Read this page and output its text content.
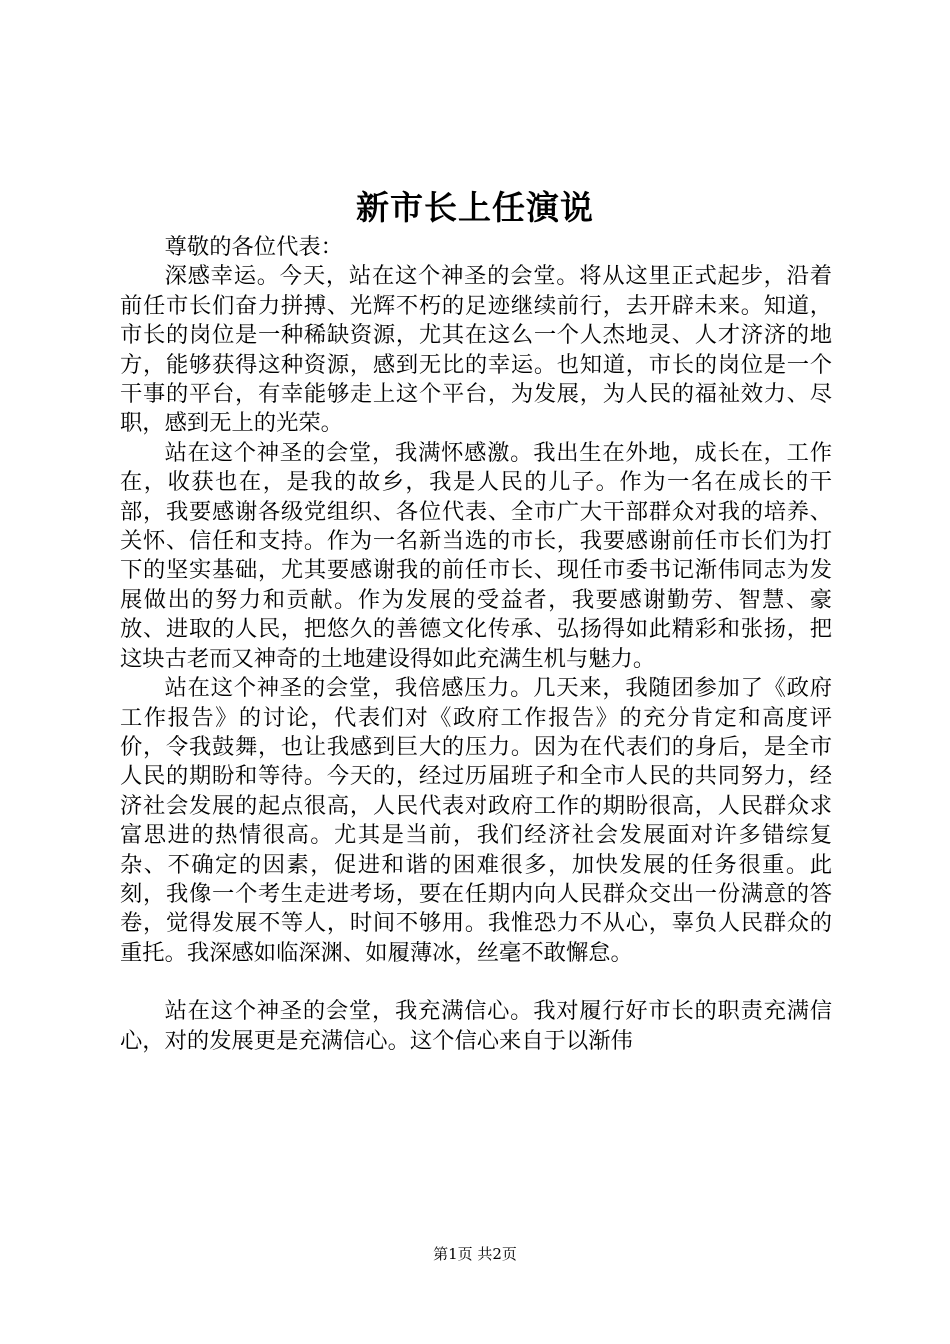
新市长上任演说

尊敬的各位代表：

深感幸运。今天，站在这个神圣的会堂。将从这里正式起步，沿着前任市长们奋力拼搏、光辉不朽的足迹继续前行，去开辟未来。知道，市长的岗位是一种稀缺资源，尤其在这么一个人杰地灵、人才济济的地方，能够获得这种资源，感到无比的幸运。也知道，市长的岗位是一个干事的平台，有幸能够走上这个平台，为发展，为人民的福祉效力、尽职，感到无上的光荣。

站在这个神圣的会堂，我满怀感激。我出生在外地，成长在，工作在，收获也在，是我的故乡，我是人民的儿子。作为一名在成长的干部，我要感谢各级党组织、各位代表、全市广大干部群众对我的培养、关怀、信任和支持。作为一名新当选的市长，我要感谢前任市长们为打下的坚实基础，尤其要感谢我的前任市长、现任市委书记渐伟同志为发展做出的努力和贡献。作为发展的受益者，我要感谢勤劳、智慧、豪放、进取的人民，把悠久的善德文化传承、弘扬得如此精彩和张扬，把这块古老而又神奇的土地建设得如此充满生机与魅力。

站在这个神圣的会堂，我倍感压力。几天来，我随团参加了《政府工作报告》的讨论，代表们对《政府工作报告》的充分肯定和高度评价，令我鼓舞，也让我感到巨大的压力。因为在代表们的身后，是全市人民的期盼和等待。今天的，经过历届班子和全市人民的共同努力，经济社会发展的起点很高，人民代表对政府工作的期盼很高，人民群众求富思进的热情很高。尤其是当前，我们经济社会发展面对许多错综复杂、不确定的因素，促进和谐的困难很多，加快发展的任务很重。此刻，我像一个考生走进考场，要在任期内向人民群众交出一份满意的答卷，觉得发展不等人，时间不够用。我惟恐力不从心，辜负人民群众的重托。我深感如临深渊、如履薄冰，丝毫不敢懈怠。

站在这个神圣的会堂，我充满信心。我对履行好市长的职责充满信心，对的发展更是充满信心。这个信心来自于以渐伟

第1页 共2页
